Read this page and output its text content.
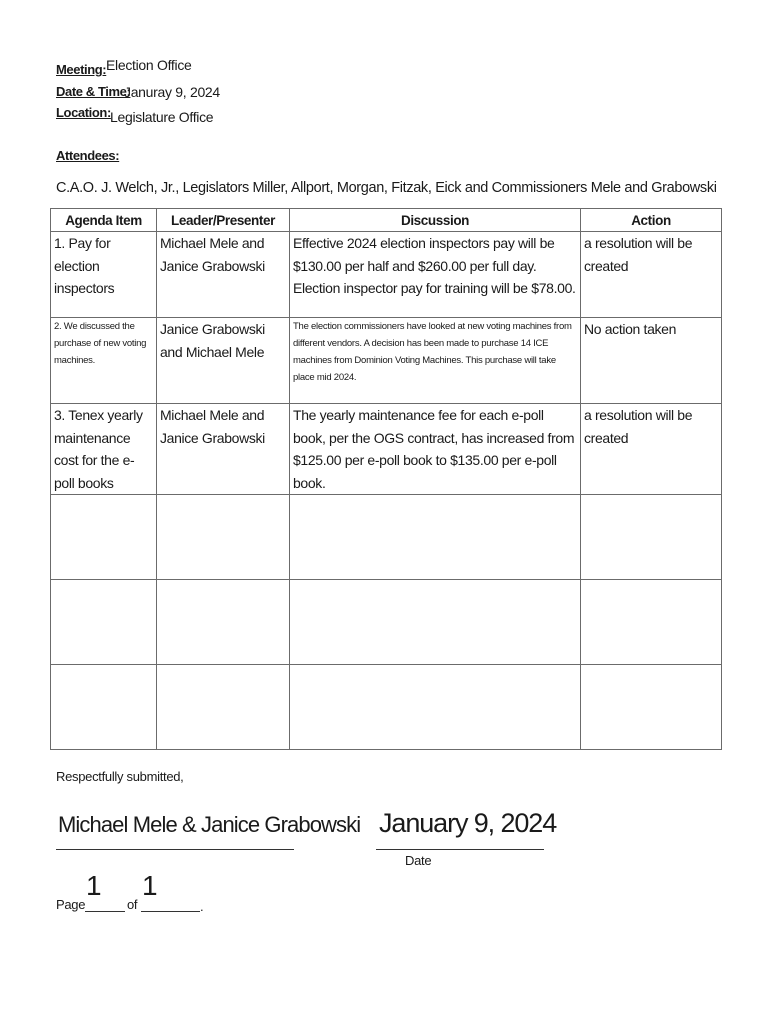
Meeting: Election Office
Date & Time:
Januray 9, 2024
Location: Legislature Office
Attendees:
C.A.O. J. Welch, Jr., Legislators Miller, Allport, Morgan, Fitzak, Eick and Commissioners Mele and Grabowski
Agenda Item	Leader/Presenter	Discussion	Action
1. Pay for election inspectors	Michael Mele and Janice Grabowski	Effective 2024 election inspectors pay will be $130.00 per half and $260.00 per full day. Election inspector pay for training will be $78.00.	a resolution will be created
2. We discussed the purchase of new voting machines.	Janice Grabowski and Michael Mele	The election commissioners have looked at new voting machines from different vendors. A decision has been made to purchase 14 ICE machines from Dominion Voting Machines. This purchase will take place mid 2024.	No action taken
3. Tenex yearly maintenance cost for the e-poll books	Michael Mele and Janice Grabowski	The yearly maintenance fee for each e-poll book, per the OGS contract, has increased from $125.00 per e-poll book to $135.00 per e-poll book.	a resolution will be created

Respectfully submitted,
Michael Mele & Janice Grabowski January 9, 2024
Date
Page
1
of
1
.
